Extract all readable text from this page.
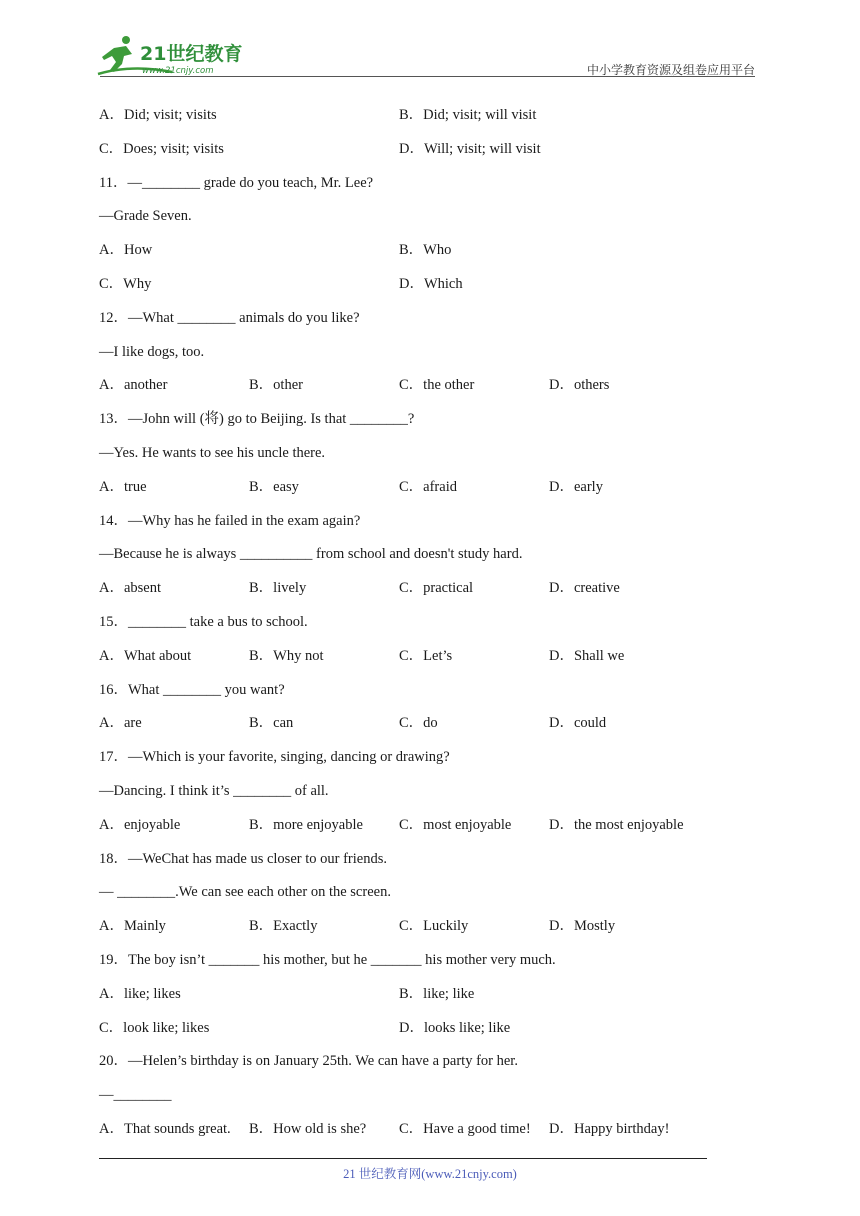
21世纪教育
www.21cnjy.com	中小学教育资源及组卷应用平台
A．Did; visit; visits	B．Did; visit; will visit
C．Does; visit; visits	D．Will; visit; will visit
11．—________ grade do you teach, Mr. Lee?
—Grade Seven.
A．How	B．Who
C．Why	D．Which
12．—What ________ animals do you like?
—I like dogs, too.
A．another	B．other	C．the other	D．others
13．—John will (将) go to Beijing. Is that ________?
—Yes. He wants to see his uncle there.
A．true	B．easy	C．afraid	D．early
14．—Why has he failed in the exam again?
—Because he is always __________ from school and doesn't study hard.
A．absent	B．lively	C．practical	D．creative
15．________ take a bus to school.
A．What about	B．Why not	C．Let’s	D．Shall we
16．What ________ you want?
A．are	B．can	C．do	D．could
17．—Which is your favorite, singing, dancing or drawing?
—Dancing. I think it’s ________ of all.
A．enjoyable	B．more enjoyable C．most enjoyable	D．the most enjoyable
18．—WeChat has made us closer to our friends.
— ________.We can see each other on the screen.
A．Mainly	B．Exactly	C．Luckily	D．Mostly
19．The boy isn’t _______ his mother, but he _______ his mother very much.
A．like; likes	B．like; like
C．look like; likes	D．looks like; like
20．—Helen’s birthday is on January 25th. We can have a party for her.
—________
A．That sounds great. B．How old is she? C．Have a good time! D．Happy birthday!
21 世纪教育网(www.21cnjy.com)
